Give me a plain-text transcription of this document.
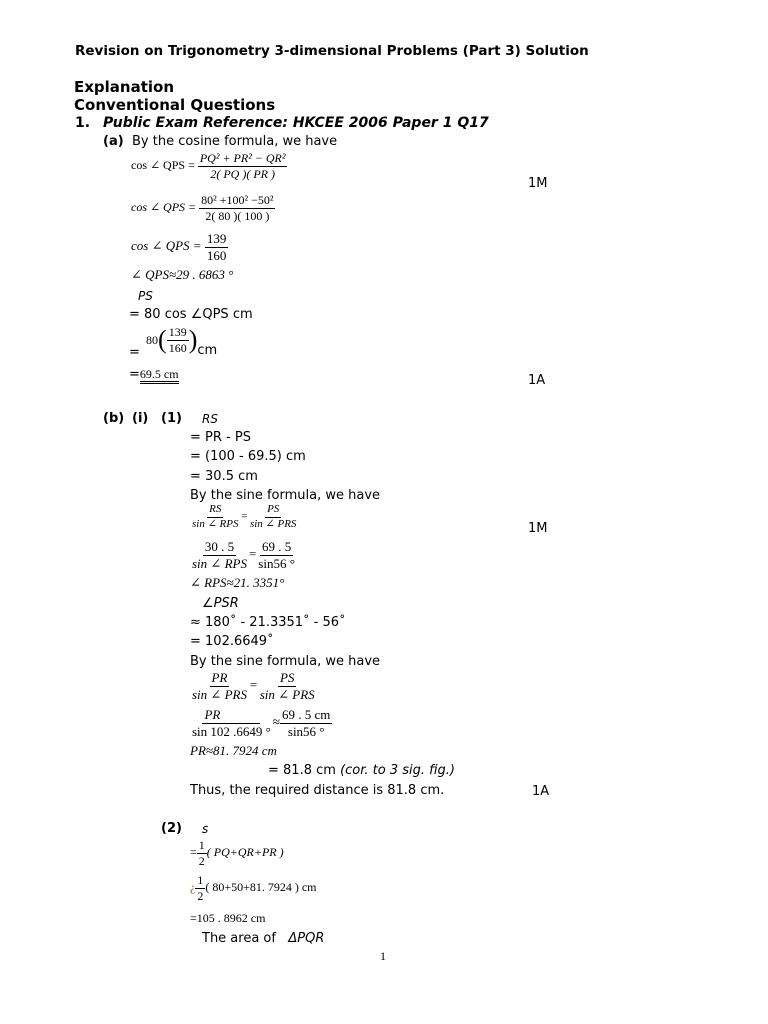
Revision on Trigonometry 3-dimensional Problems (Part 3) Solution
Explanation
Conventional Questions
1. Public Exam Reference: HKCEE 2006 Paper 1 Q17
(a) By the cosine formula, we have
cos ∠ QPS = $\frac{\text{PQ² + PR² − QR²}}{2( PQ )( PR )}$
1M
cos ∠ QPS = $\frac{\text{80² +100² −50²}}{2( 80 )( 100 )}$
cos ∠ QPS = $\frac{139}{160}$
∠ QPS≈29 . 6863 °
PS
= 80 cos ∠QPS cm
= $80( \frac{139}{160} )cm$
=69.5 cm	1A
(b) (i) (1) RS
= PR - PS
= (100 - 69.5) cm
= 30.5 cm
By the sine formula, we have
$\frac{RS}{\text{sin ∠ RPS}} = \frac{PS}{\text{sin ∠ PRS}}$	1M
$\frac{30 . 5}{\text{sin ∠ RPS}} = \frac{69 . 5}{\sin 56 ^\circ}$
∠ RPS≈21. 3351°
∠PSR
≈ 180˚ - 21.3351˚ - 56˚
= 102.6649˚
By the sine formula, we have
$\frac{PR}{\text{sin ∠ PRS}} = \frac{PS}{\text{sin ∠ PRS}}$
$\frac{PR}{\sin 102 .6649 ^\circ} \approx \frac{69 . 5 cm}{\sin 56 ^\circ}$
PR≈81. 7924 cm
= 81.8 cm (cor. to 3 sig. fig.)
Thus, the required distance is 81.8 cm.	1A
(2) s
= $\frac{1}{2}$ ( PQ+QR+PR )
¿ $\frac{1}{2}$ ( 80+50+81. 7924 ) cm
=105 . 8962 cm
The area of ΔPQR
1
